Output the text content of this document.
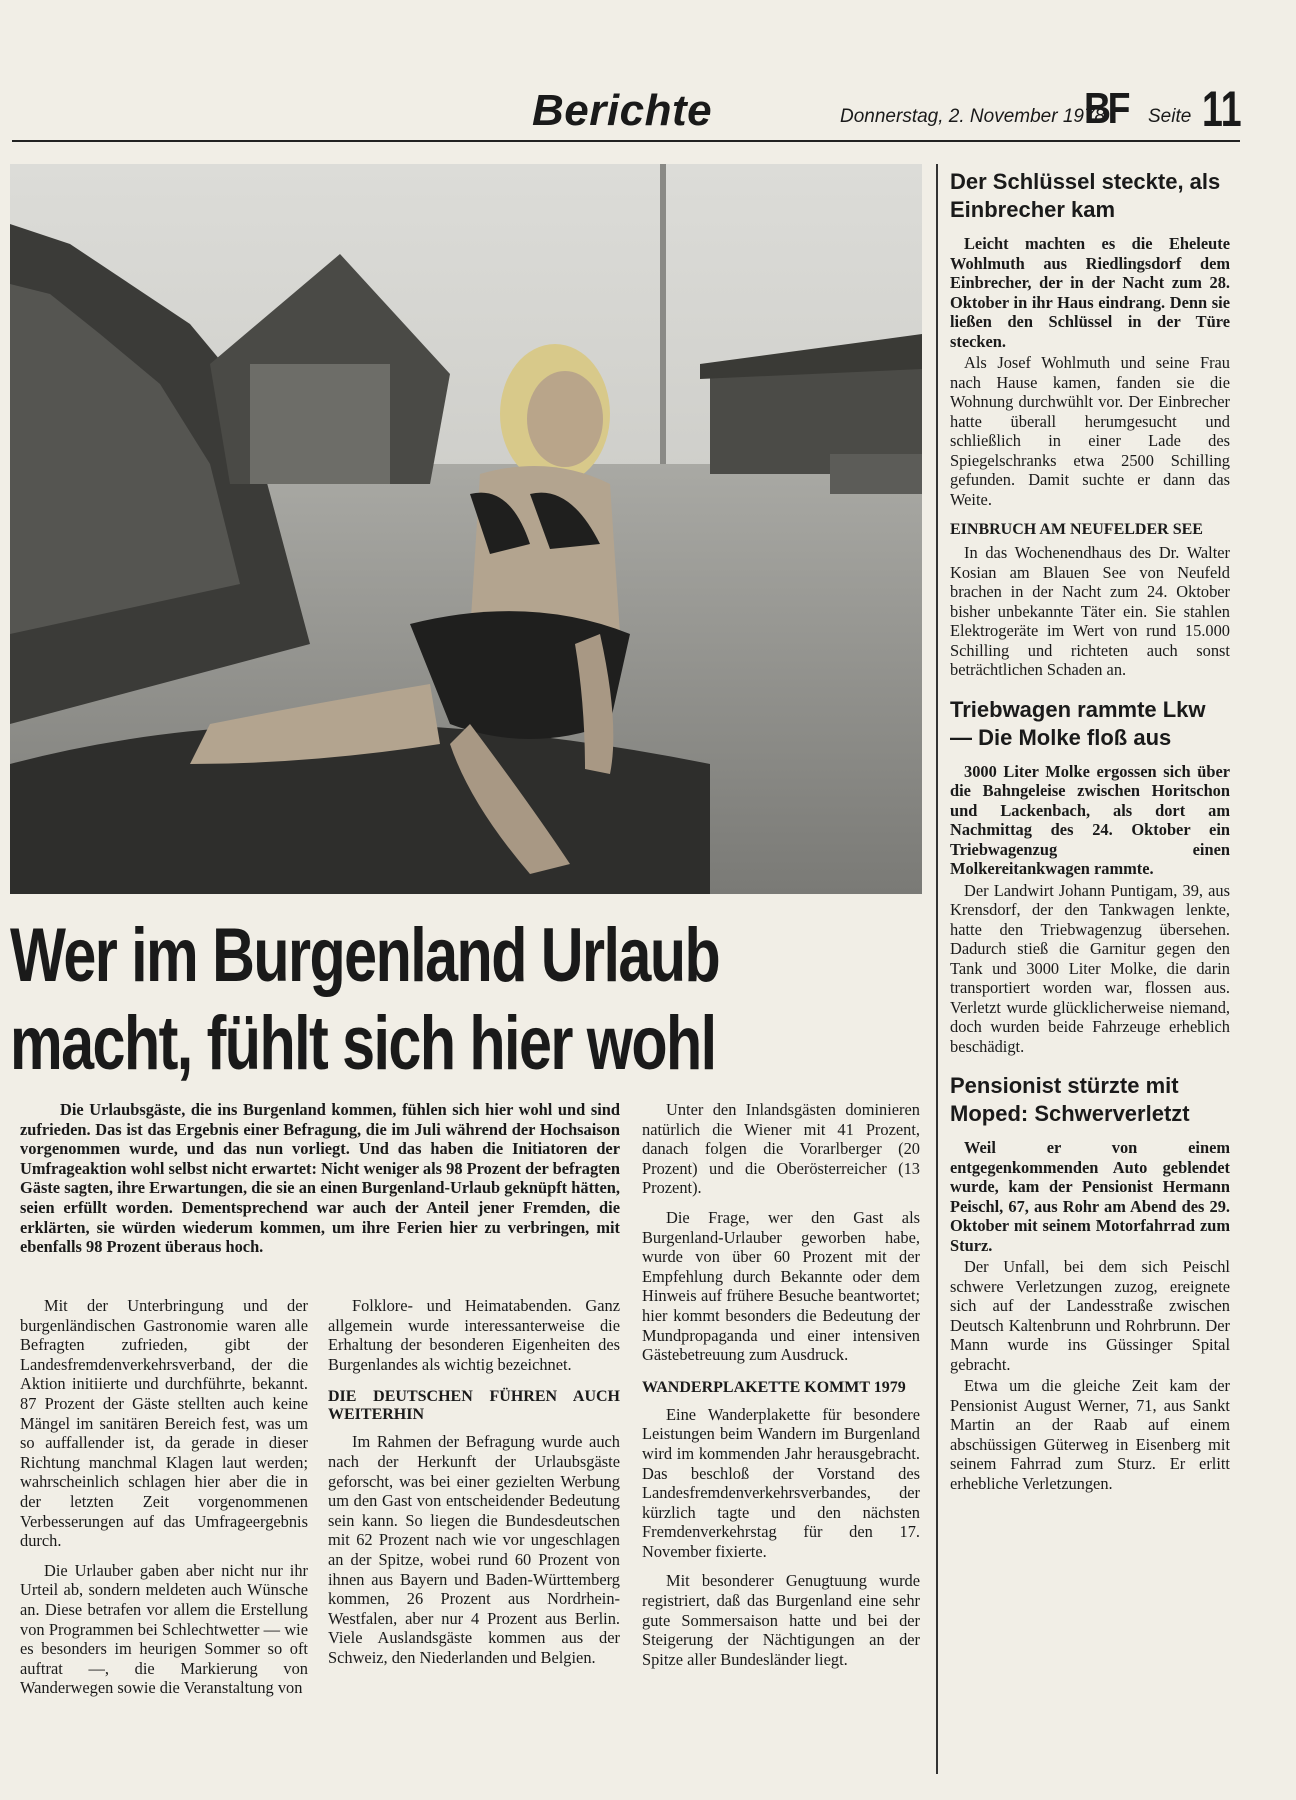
Berichte	Donnerstag, 2. November 1978
BF Seite 11
Wer im Burgenland Urlaub
macht, fühlt sich hier wohl

Die Urlaubsgäste, die ins Burgenland kommen, fühlen sich hier wohl und sind zufrieden. Das ist das Ergebnis einer Befragung, die im Juli während der Hochsaison vorgenommen wurde, und das nun vorliegt. Und das haben die Initiatoren der Umfrageaktion wohl selbst nicht erwartet: Nicht weniger als 98 Prozent der befragten Gäste sagten, ihre Erwartungen, die sie an einen Burgenland-Urlaub geknüpft hätten, seien erfüllt worden. Dementsprechend war auch der Anteil jener Fremden, die erklärten, sie würden wiederum kommen, um ihre Ferien hier zu verbringen, mit ebenfalls 98 Prozent überaus hoch.

Mit der Unterbringung und der burgenländischen Gastronomie waren alle Befragten zufrieden, gibt der Landesfremdenverkehrsverband, der die Aktion initiierte und durchführte, bekannt. 87 Prozent der Gäste stellten auch keine Mängel im sanitären Bereich fest, was um so auffallender ist, da gerade in dieser Richtung manchmal Klagen laut werden; wahrscheinlich schlagen hier aber die in der letzten Zeit vorgenommenen Verbesserungen auf das Umfrageergebnis durch.

Die Urlauber gaben aber nicht nur ihr Urteil ab, sondern meldeten auch Wünsche an. Diese betrafen vor allem die Erstellung von Programmen bei Schlechtwetter — wie es besonders im heurigen Sommer so oft auftrat —, die Markierung von Wanderwegen sowie die Veranstaltung von

Folklore- und Heimatabenden. Ganz allgemein wurde interessanterweise die Erhaltung der besonderen Eigenheiten des Burgenlandes als wichtig bezeichnet.

DIE DEUTSCHEN FÜHREN AUCH WEITERHIN

Im Rahmen der Befragung wurde auch nach der Herkunft der Urlaubsgäste geforscht, was bei einer gezielten Werbung um den Gast von entscheidender Bedeutung sein kann. So liegen die Bundesdeutschen mit 62 Prozent nach wie vor ungeschlagen an der Spitze, wobei rund 60 Prozent von ihnen aus Bayern und Baden-Württemberg kommen, 26 Prozent aus Nordrhein-Westfalen, aber nur 4 Prozent aus Berlin. Viele Auslandsgäste kommen aus der Schweiz, den Niederlanden und Belgien.

Unter den Inlandsgästen dominieren natürlich die Wiener mit 41 Prozent, danach folgen die Vorarlberger (20 Prozent) und die Oberösterreicher (13 Prozent).

Die Frage, wer den Gast als Burgenland-Urlauber geworben habe, wurde von über 60 Prozent mit der Empfehlung durch Bekannte oder dem Hinweis auf frühere Besuche beantwortet; hier kommt besonders die Bedeutung der Mundpropaganda und einer intensiven Gästebetreuung zum Ausdruck.

WANDERPLAKETTE KOMMT 1979

Eine Wanderplakette für besondere Leistungen beim Wandern im Burgenland wird im kommenden Jahr herausgebracht. Das beschloß der Vorstand des Landesfremdenverkehrsverbandes, der kürzlich tagte und den nächsten Fremdenverkehrstag für den 17. November fixierte.

Mit besonderer Genugtuung wurde registriert, daß das Burgenland eine sehr gute Sommersaison hatte und bei der Steigerung der Nächtigungen an der Spitze aller Bundesländer liegt.

Der Schlüssel steckte, als Einbrecher kam

Leicht machten es die Eheleute Wohlmuth aus Riedlingsdorf dem Einbrecher, der in der Nacht zum 28. Oktober in ihr Haus eindrang. Denn sie ließen den Schlüssel in der Türe stecken.

Als Josef Wohlmuth und seine Frau nach Hause kamen, fanden sie die Wohnung durchwühlt vor. Der Einbrecher hatte überall herumgesucht und schließlich in einer Lade des Spiegelschranks etwa 2500 Schilling gefunden. Damit suchte er dann das Weite.

EINBRUCH AM NEUFELDER SEE

In das Wochenendhaus des Dr. Walter Kosian am Blauen See von Neufeld brachen in der Nacht zum 24. Oktober bisher unbekannte Täter ein. Sie stahlen Elektrogeräte im Wert von rund 15.000 Schilling und richteten auch sonst beträchtlichen Schaden an.

Triebwagen rammte Lkw — Die Molke floß aus

3000 Liter Molke ergossen sich über die Bahngeleise zwischen Horitschon und Lackenbach, als dort am Nachmittag des 24. Oktober ein Triebwagenzug einen Molkereitankwagen rammte.

Der Landwirt Johann Puntigam, 39, aus Krensdorf, der den Tankwagen lenkte, hatte den Triebwagenzug übersehen. Dadurch stieß die Garnitur gegen den Tank und 3000 Liter Molke, die darin transportiert worden war, flossen aus. Verletzt wurde glücklicherweise niemand, doch wurden beide Fahrzeuge erheblich beschädigt.

Pensionist stürzte mit Moped: Schwerverletzt

Weil er von einem entgegenkommenden Auto geblendet wurde, kam der Pensionist Hermann Peischl, 67, aus Rohr am Abend des 29. Oktober mit seinem Motorfahrrad zum Sturz.

Der Unfall, bei dem sich Peischl schwere Verletzungen zuzog, ereignete sich auf der Landesstraße zwischen Deutsch Kaltenbrunn und Rohrbrunn. Der Mann wurde ins Güssinger Spital gebracht.

Etwa um die gleiche Zeit kam der Pensionist August Werner, 71, aus Sankt Martin an der Raab auf einem abschüssigen Güterweg in Eisenberg mit seinem Fahrrad zum Sturz. Er erlitt erhebliche Verletzungen.
